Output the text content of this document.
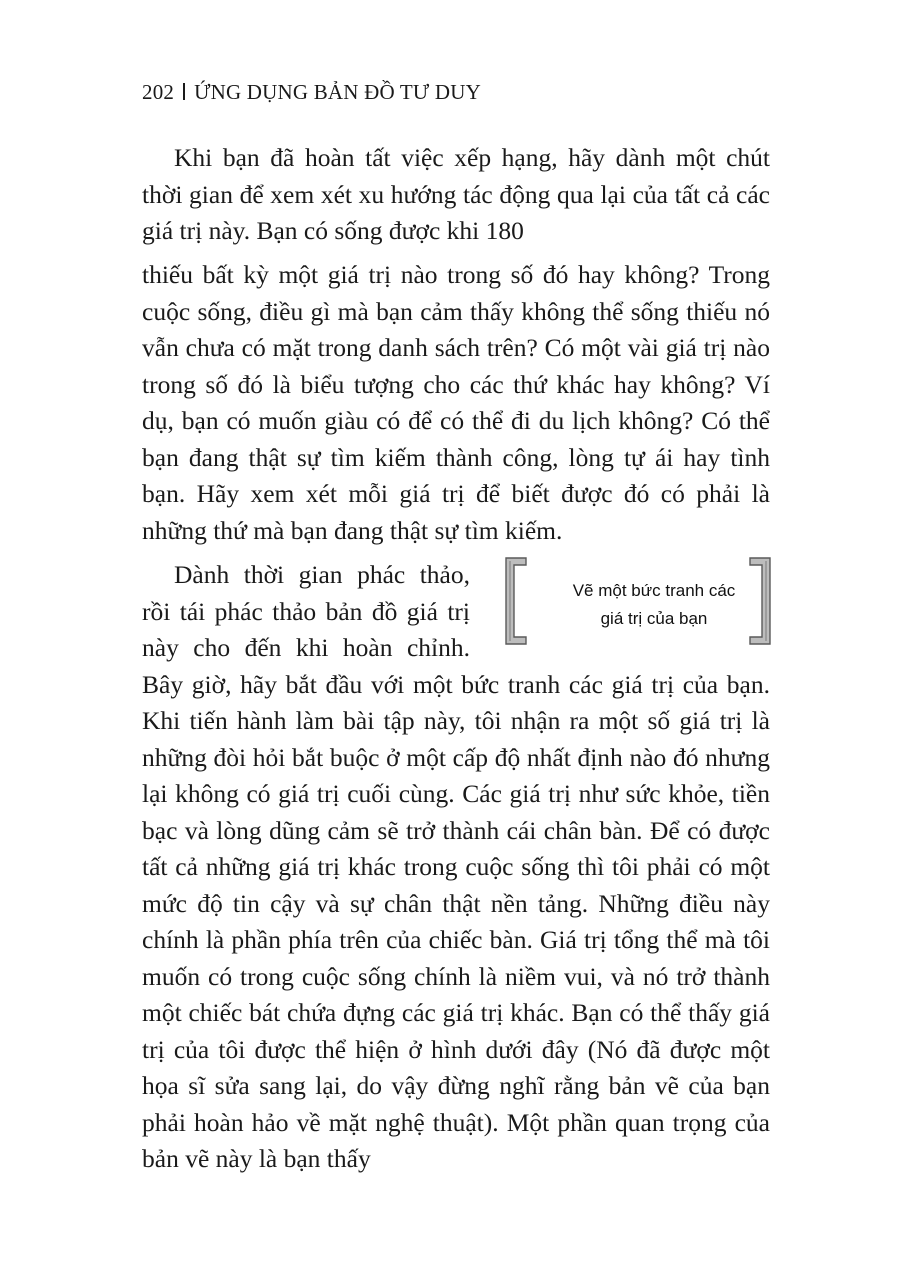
202 ỨNG DỤNG BẢN ĐỒ TƯ DUY

Khi bạn đã hoàn tất việc xếp hạng, hãy dành một chút thời gian để xem xét xu hướng tác động qua lại của tất cả các giá trị này. Bạn có sống được khi 180

thiếu bất kỳ một giá trị nào trong số đó hay không? Trong cuộc sống, điều gì mà bạn cảm thấy không thể sống thiếu nó vẫn chưa có mặt trong danh sách trên? Có một vài giá trị nào trong số đó là biểu tượng cho các thứ khác hay không? Ví dụ, bạn có muốn giàu có để có thể đi du lịch không? Có thể bạn đang thật sự tìm kiếm thành công, lòng tự ái hay tình bạn. Hãy xem xét mỗi giá trị để biết được đó có phải là những thứ mà bạn đang thật sự tìm kiếm.

Vẽ một bức tranh các
giá trị của bạn
Dành thời gian phác thảo, rồi tái phác thảo bản đồ giá trị này cho đến khi hoàn chỉnh. Bây giờ, hãy bắt đầu với một bức tranh các giá trị của bạn. Khi tiến hành làm bài tập này, tôi nhận ra một số giá trị là những đòi hỏi bắt buộc ở một cấp độ nhất định nào đó nhưng lại không có giá trị cuối cùng. Các giá trị như sức khỏe, tiền bạc và lòng dũng cảm sẽ trở thành cái chân bàn. Để có được tất cả những giá trị khác trong cuộc sống thì tôi phải có một mức độ tin cậy và sự chân thật nền tảng. Những điều này chính là phần phía trên của chiếc bàn. Giá trị tổng thể mà tôi muốn có trong cuộc sống chính là niềm vui, và nó trở thành một chiếc bát chứa đựng các giá trị khác. Bạn có thể thấy giá trị của tôi được thể hiện ở hình dưới đây (Nó đã được một họa sĩ sửa sang lại, do vậy đừng nghĩ rằng bản vẽ của bạn phải hoàn hảo về mặt nghệ thuật). Một phần quan trọng của bản vẽ này là bạn thấy
